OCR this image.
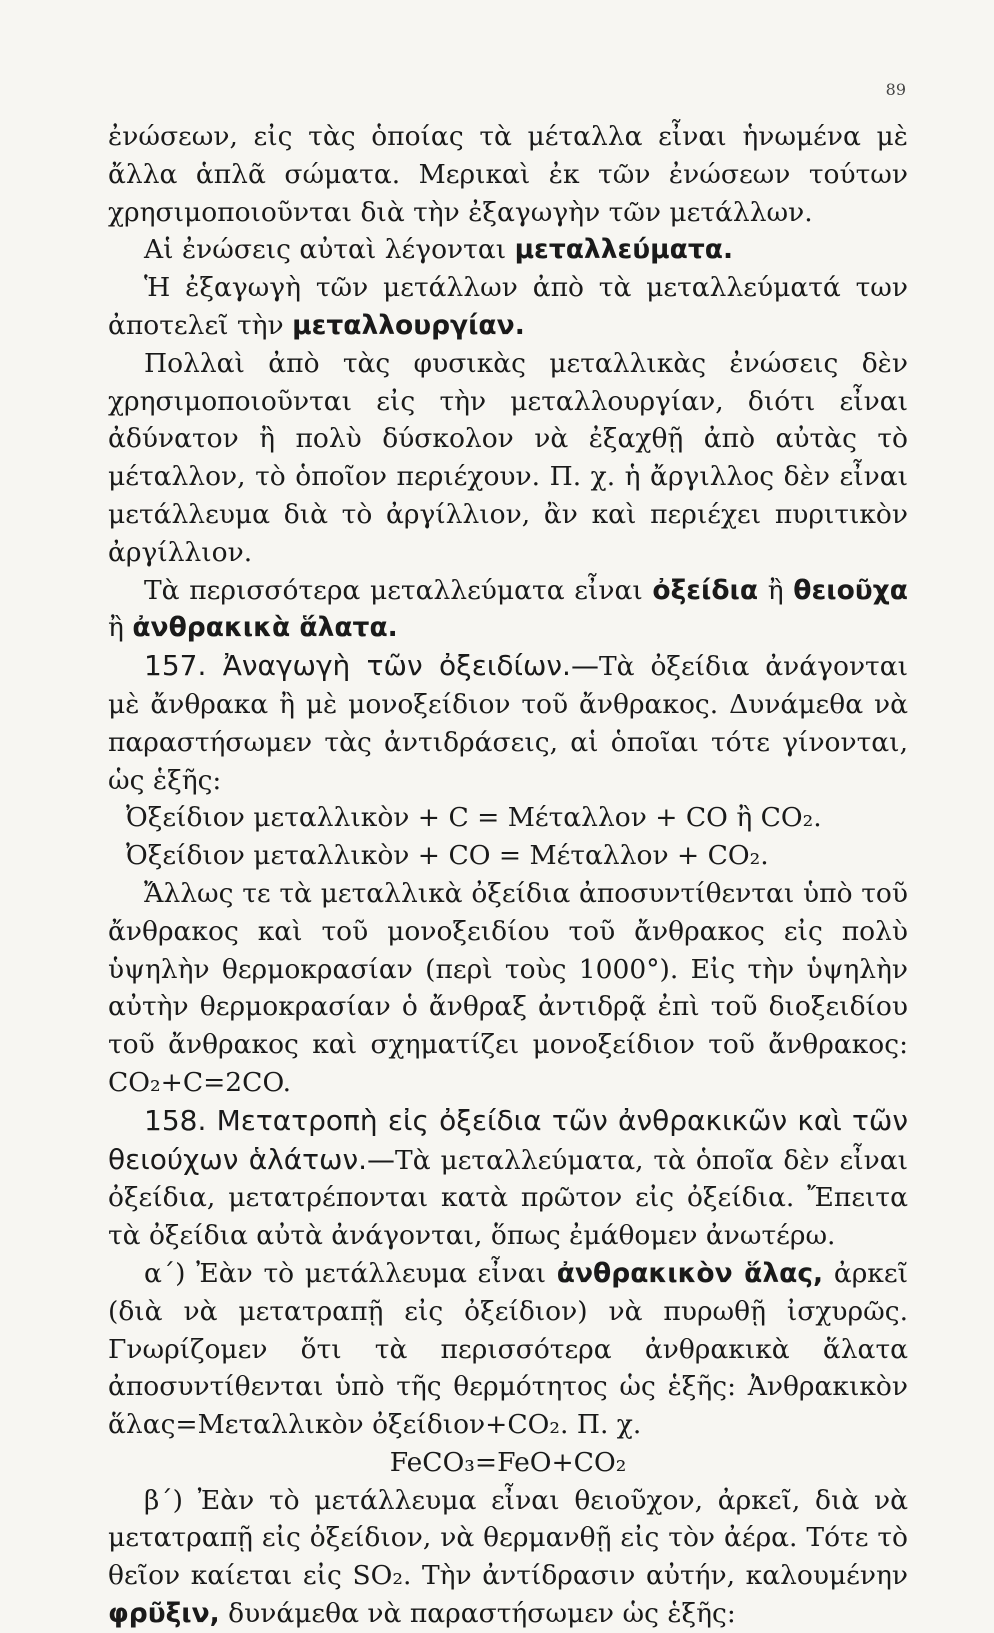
89

ἐνώσεων, εἰς τὰς ὁποίας τὰ μέταλλα εἶναι ἡνωμένα μὲ ἄλλα ἁπλᾶ σώματα. Μερικαὶ ἐκ τῶν ἐνώσεων τούτων χρησιμοποιοῦνται διὰ τὴν ἐξαγωγὴν τῶν μετάλλων.

Αἱ ἐνώσεις αὐταὶ λέγονται μεταλλεύματα.

Ἡ ἐξαγωγὴ τῶν μετάλλων ἀπὸ τὰ μεταλλεύματά των ἀποτελεῖ τὴν μεταλλουργίαν.

Πολλαὶ ἀπὸ τὰς φυσικὰς μεταλλικὰς ἐνώσεις δὲν χρησιμοποιοῦνται εἰς τὴν μεταλλουργίαν, διότι εἶναι ἀδύνατον ἢ πολὺ δύσκολον νὰ ἐξαχθῇ ἀπὸ αὐτὰς τὸ μέταλλον, τὸ ὁποῖον περιέχουν. Π. χ. ἡ ἄργιλλος δὲν εἶναι μετάλλευμα διὰ τὸ ἀργίλλιον, ἂν καὶ περιέχει πυριτικὸν ἀργίλλιον.

Τὰ περισσότερα μεταλλεύματα εἶναι ὀξείδια ἢ θειοῦχα ἢ ἀνθρακικὰ ἅλατα.

157. Ἀναγωγὴ τῶν ὀξειδίων.—Τὰ ὀξείδια ἀνάγονται μὲ ἄνθρακα ἢ μὲ μονοξείδιον τοῦ ἄνθρακος. Δυνάμεθα νὰ παραστήσωμεν τὰς ἀντιδράσεις, αἱ ὁποῖαι τότε γίνονται, ὡς ἑξῆς:

Ὀξείδιον μεταλλικὸν + C = Μέταλλον + CO ἢ CO₂.

Ὀξείδιον μεταλλικὸν + CO = Μέταλλον + CO₂.

Ἄλλως τε τὰ μεταλλικὰ ὀξείδια ἀποσυντίθενται ὑπὸ τοῦ ἄνθρακος καὶ τοῦ μονοξειδίου τοῦ ἄνθρακος εἰς πολὺ ὑψηλὴν θερμοκρασίαν (περὶ τοὺς 1000°). Εἰς τὴν ὑψηλὴν αὐτὴν θερμοκρασίαν ὁ ἄνθραξ ἀντιδρᾷ ἐπὶ τοῦ διοξειδίου τοῦ ἄνθρακος καὶ σχηματίζει μονοξείδιον τοῦ ἄνθρακος: CO₂+C=2CO.

158. Μετατροπὴ εἰς ὀξείδια τῶν ἀνθρακικῶν καὶ τῶν θειούχων ἁλάτων.—Τὰ μεταλλεύματα, τὰ ὁποῖα δὲν εἶναι ὀξείδια, μετατρέπονται κατὰ πρῶτον εἰς ὀξείδια. Ἔπειτα τὰ ὀξείδια αὐτὰ ἀνάγονται, ὅπως ἐμάθομεν ἀνωτέρω.

α΄) Ἐὰν τὸ μετάλλευμα εἶναι ἀνθρακικὸν ἅλας, ἀρκεῖ (διὰ νὰ μετατραπῇ εἰς ὀξείδιον) νὰ πυρωθῇ ἰσχυρῶς. Γνωρίζομεν ὅτι τὰ περισσότερα ἀνθρακικὰ ἅλατα ἀποσυντίθενται ὑπὸ τῆς θερμότητος ὡς ἑξῆς: Ἀνθρακικὸν ἅλας=Μεταλλικὸν ὀξείδιον+CO₂. Π. χ.

FeCO₃=FeO+CO₂

β΄) Ἐὰν τὸ μετάλλευμα εἶναι θειοῦχον, ἀρκεῖ, διὰ νὰ μετατραπῇ εἰς ὀξείδιον, νὰ θερμανθῇ εἰς τὸν ἀέρα. Τότε τὸ θεῖον καίεται εἰς SO₂. Τὴν ἀντίδρασιν αὐτήν, καλουμένην φρῦξιν, δυνάμεθα νὰ παραστήσωμεν ὡς ἑξῆς:
